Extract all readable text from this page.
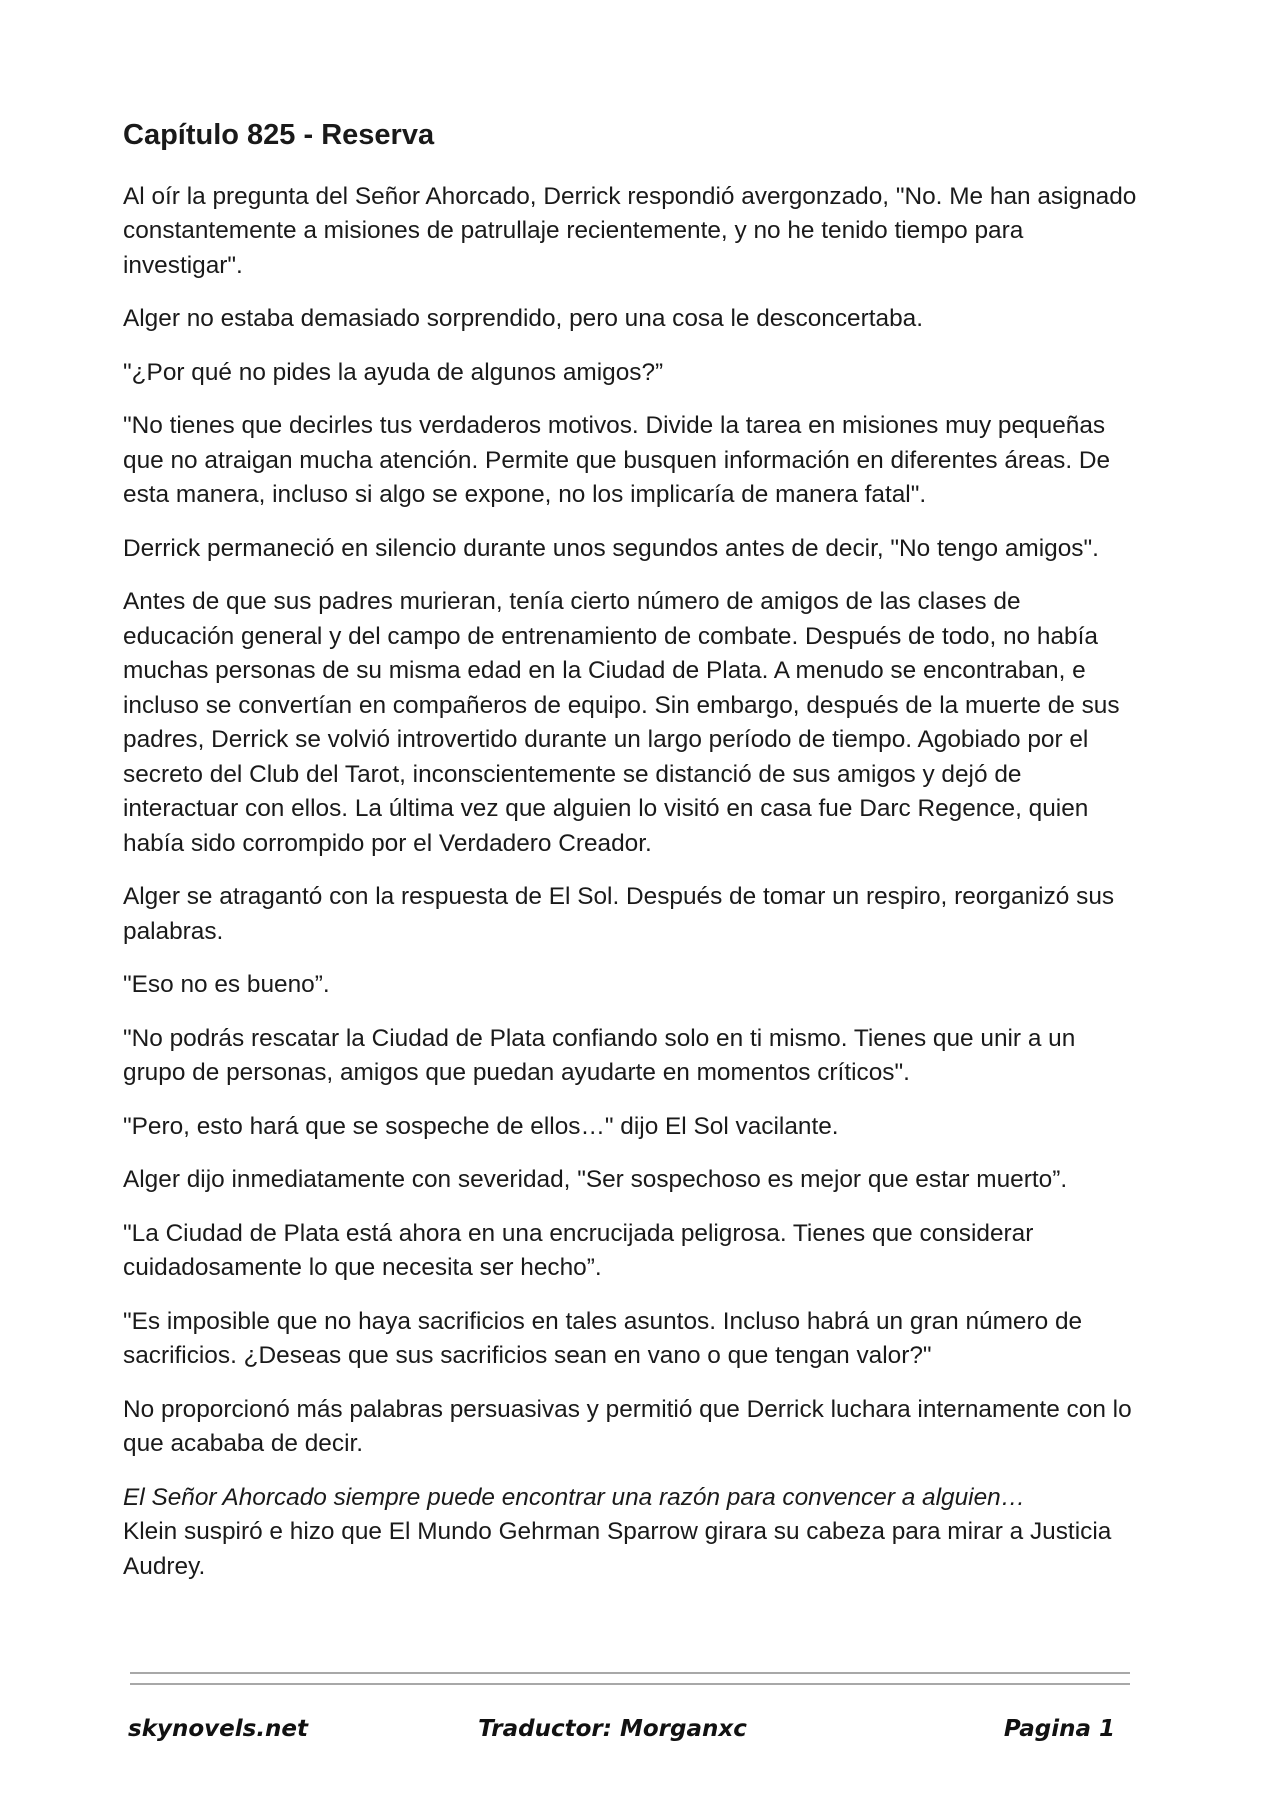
Capítulo 825 - Reserva

Al oír la pregunta del Señor Ahorcado, Derrick respondió avergonzado, "No. Me han asignado constantemente a misiones de patrullaje recientemente, y no he tenido tiempo para investigar".

Alger no estaba demasiado sorprendido, pero una cosa le desconcertaba.

"¿Por qué no pides la ayuda de algunos amigos?”

"No tienes que decirles tus verdaderos motivos. Divide la tarea en misiones muy pequeñas que no atraigan mucha atención. Permite que busquen información en diferentes áreas. De esta manera, incluso si algo se expone, no los implicaría de manera fatal".

Derrick permaneció en silencio durante unos segundos antes de decir, "No tengo amigos".

Antes de que sus padres murieran, tenía cierto número de amigos de las clases de educación general y del campo de entrenamiento de combate. Después de todo, no había muchas personas de su misma edad en la Ciudad de Plata. A menudo se encontraban, e incluso se convertían en compañeros de equipo. Sin embargo, después de la muerte de sus padres, Derrick se volvió introvertido durante un largo período de tiempo. Agobiado por el secreto del Club del Tarot, inconscientemente se distanció de sus amigos y dejó de interactuar con ellos. La última vez que alguien lo visitó en casa fue Darc Regence, quien había sido corrompido por el Verdadero Creador.

Alger se atragantó con la respuesta de El Sol. Después de tomar un respiro, reorganizó sus palabras.

"Eso no es bueno”.

"No podrás rescatar la Ciudad de Plata confiando solo en ti mismo. Tienes que unir a un grupo de personas, amigos que puedan ayudarte en momentos críticos".

"Pero, esto hará que se sospeche de ellos…" dijo El Sol vacilante.

Alger dijo inmediatamente con severidad, "Ser sospechoso es mejor que estar muerto”.

"La Ciudad de Plata está ahora en una encrucijada peligrosa. Tienes que considerar cuidadosamente lo que necesita ser hecho”.

"Es imposible que no haya sacrificios en tales asuntos. Incluso habrá un gran número de sacrificios. ¿Deseas que sus sacrificios sean en vano o que tengan valor?"

No proporcionó más palabras persuasivas y permitió que Derrick luchara internamente con lo que acababa de decir.

El Señor Ahorcado siempre puede encontrar una razón para convencer a alguien…
Klein suspiró e hizo que El Mundo Gehrman Sparrow girara su cabeza para mirar a Justicia Audrey.

skynovels.net	Traductor: Morganxc	Pagina 1
